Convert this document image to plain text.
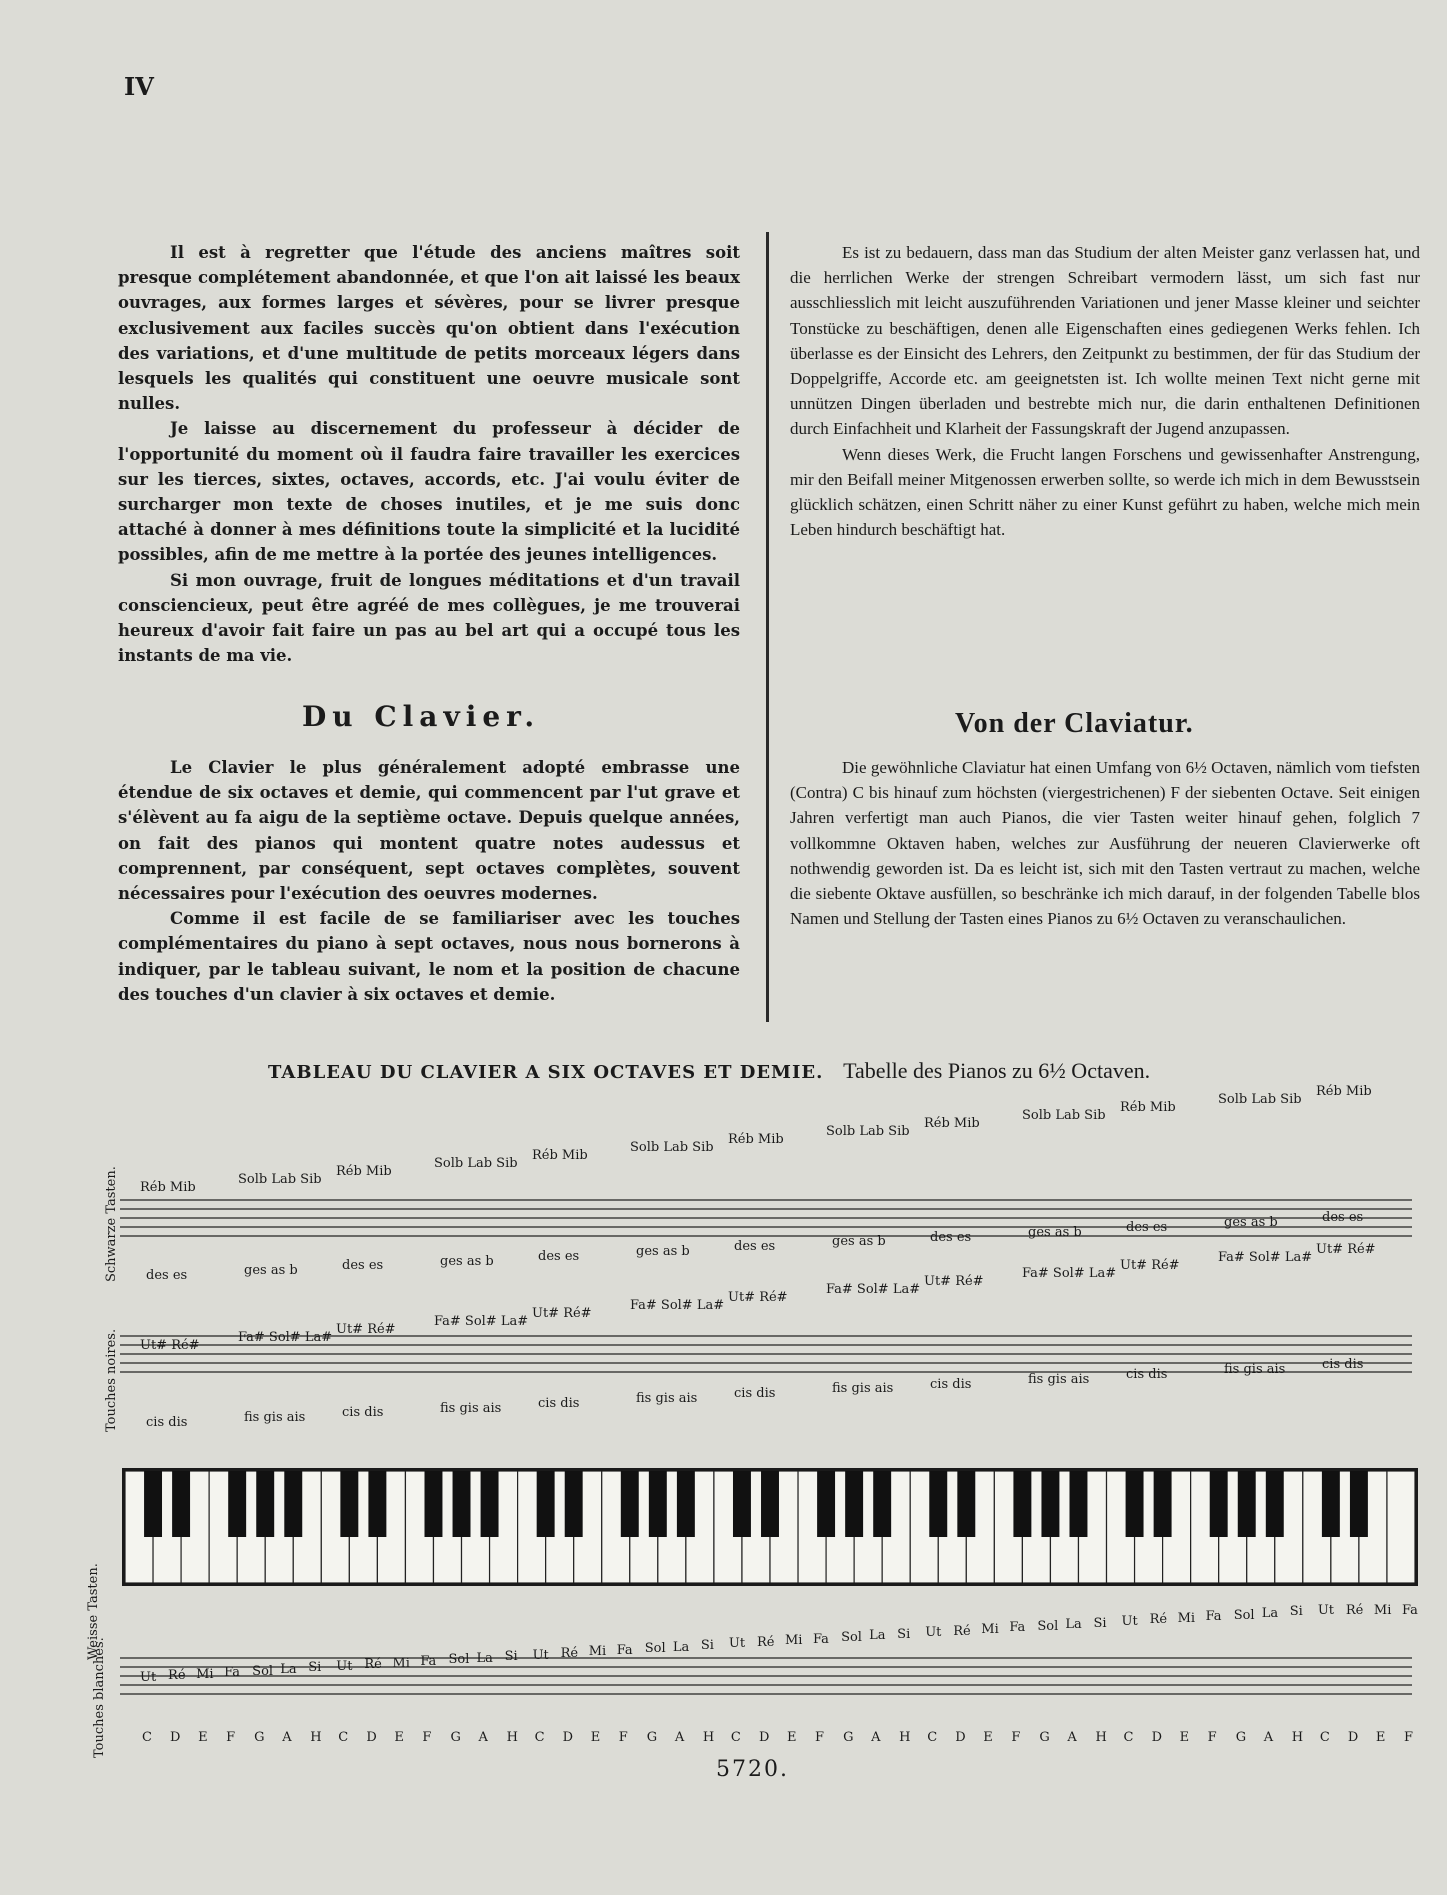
IV

Il est à regretter que l'étude des anciens maîtres soit presque complétement abandonnée, et que l'on ait laissé les beaux ouvrages, aux formes larges et sévères, pour se livrer presque exclusivement aux faciles succès qu'on obtient dans l'exécution des variations, et d'une multitude de petits morceaux légers dans lesquels les qualités qui constituent une oeuvre musicale sont nulles.

Je laisse au discernement du professeur à décider de l'opportunité du moment où il faudra faire travailler les exercices sur les tierces, sixtes, octaves, accords, etc. J'ai voulu éviter de surcharger mon texte de choses inutiles, et je me suis donc attaché à donner à mes définitions toute la simplicité et la lucidité possibles, afin de me mettre à la portée des jeunes intelligences.

Si mon ouvrage, fruit de longues méditations et d'un travail consciencieux, peut être agréé de mes collègues, je me trouverai heureux d'avoir fait faire un pas au bel art qui a occupé tous les instants de ma vie.

Es ist zu bedauern, dass man das Studium der alten Meister ganz verlassen hat, und die herrlichen Werke der strengen Schreibart vermodern lässt, um sich fast nur ausschliesslich mit leicht auszuführenden Variationen und jener Masse kleiner und seichter Tonstücke zu beschäftigen, denen alle Eigenschaften eines gediegenen Werks fehlen. Ich überlasse es der Einsicht des Lehrers, den Zeitpunkt zu bestimmen, der für das Studium der Doppelgriffe, Accorde etc. am geeignetsten ist. Ich wollte meinen Text nicht gerne mit unnützen Dingen überladen und bestrebte mich nur, die darin enthaltenen Definitionen durch Einfachheit und Klarheit der Fassungskraft der Jugend anzupassen.

Wenn dieses Werk, die Frucht langen Forschens und gewissenhafter Anstrengung, mir den Beifall meiner Mitgenossen erwerben sollte, so werde ich mich in dem Bewusstsein glücklich schätzen, einen Schritt näher zu einer Kunst geführt zu haben, welche mich mein Leben hindurch beschäftigt hat.

Du Clavier.	Von der Claviatur.

Le Clavier le plus généralement adopté embrasse une étendue de six octaves et demie, qui commencent par l'ut grave et s'élèvent au fa aigu de la septième octave. Depuis quelque années, on fait des pianos qui montent quatre notes audessus et comprennent, par conséquent, sept octaves complètes, souvent nécessaires pour l'exécution des oeuvres modernes.

Comme il est facile de se familiariser avec les touches complémentaires du piano à sept octaves, nous nous bornerons à indiquer, par le tableau suivant, le nom et la position de chacune des touches d'un clavier à six octaves et demie.

Die gewöhnliche Claviatur hat einen Umfang von 6½ Octaven, nämlich vom tiefsten (Contra) C bis hinauf zum höchsten (viergestrichenen) F der siebenten Octave. Seit einigen Jahren verfertigt man auch Pianos, die vier Tasten weiter hinauf gehen, folglich 7 vollkommne Oktaven haben, welches zur Ausführung der neueren Clavierwerke oft nothwendig geworden ist. Da es leicht ist, sich mit den Tasten vertraut zu machen, welche die siebente Oktave ausfüllen, so beschränke ich mich darauf, in der folgenden Tabelle blos Namen und Stellung der Tasten eines Pianos zu 6½ Octaven zu veranschaulichen.

TABLEAU DU CLAVIER A SIX OCTAVES ET DEMIE. Tabelle des Pianos zu 6½ Octaven.
Schwarze Tasten.
Touches noires.
Weisse Tasten.
Touches blanches.
Réb Mib
des es
Ut# Ré#
cis dis
Solb Lab Sib
ges as b
Fa# Sol# La#
fis gis ais
Réb Mib
des es
Ut# Ré#
cis dis
Solb Lab Sib
ges as b
Fa# Sol# La#
fis gis ais
Réb Mib
des es
Ut# Ré#
cis dis
Solb Lab Sib
ges as b
Fa# Sol# La#
fis gis ais
Réb Mib
des es
Ut# Ré#
cis dis
Solb Lab Sib
ges as b
Fa# Sol# La#
fis gis ais
Réb Mib
des es
Ut# Ré#
cis dis
Solb Lab Sib
ges as b
Fa# Sol# La#
fis gis ais
Réb Mib
des es
Ut# Ré#
cis dis
Solb Lab Sib
ges as b
Fa# Sol# La#
fis gis ais
Réb Mib
des es
Ut# Ré#
cis dis
Ut
C
Ré
D
Mi
E
Fa
F
Sol
G
La
A
Si
H
Ut
C
Ré
D
Mi
E
Fa
F
Sol
G
La
A
Si
H
Ut
C
Ré
D
Mi
E
Fa
F
Sol
G
La
A
Si
H
Ut
C
Ré
D
Mi
E
Fa
F
Sol
G
La
A
Si
H
Ut
C
Ré
D
Mi
E
Fa
F
Sol
G
La
A
Si
H
Ut
C
Ré
D
Mi
E
Fa
F
Sol
G
La
A
Si
H
Ut
C
Ré
D
Mi
E
Fa
F
5720.
